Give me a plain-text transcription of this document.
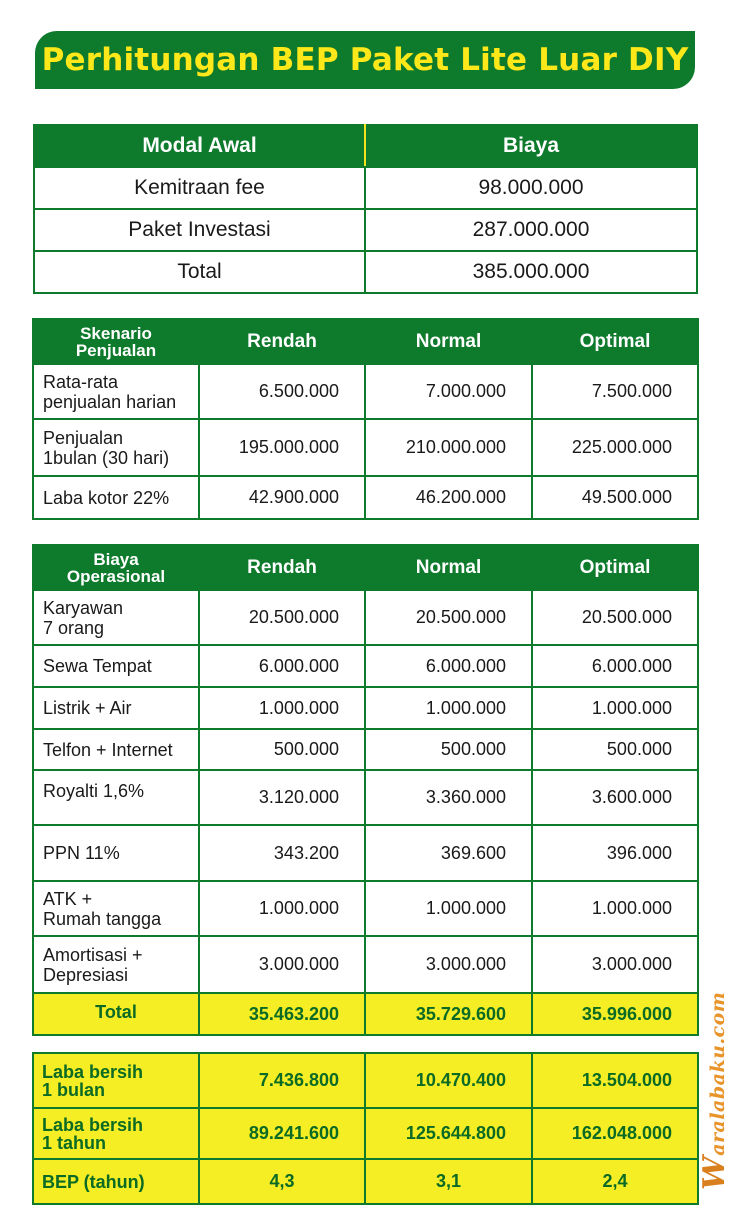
Perhitungan BEP Paket Lite Luar DIY
Modal Awal	Biaya
Kemitraan fee	98.000.000
Paket Investasi	287.000.000
Total	385.000.000
Skenario
Penjualan	Rendah	Normal	Optimal

Rata-rata
penjualan harian	6.500.000	7.000.000	7.500.000

Penjualan
1bulan (30 hari)	195.000.000	210.000.000	225.000.000
Laba kotor 22%	42.900.000	46.200.000	49.500.000
Biaya
Operasional	Rendah	Normal	Optimal

Karyawan
7 orang	20.500.000	20.500.000	20.500.000
Sewa Tempat	6.000.000	6.000.000	6.000.000
Listrik + Air	1.000.000	1.000.000	1.000.000
Telfon + Internet	500.000	500.000	500.000
Royalti 1,6%	3.120.000	3.360.000	3.600.000
PPN 11%	343.200	369.600	396.000

ATK +
Rumah tangga	1.000.000	1.000.000	1.000.000

Amortisasi +
Depresiasi	3.000.000	3.000.000	3.000.000
Total	35.463.200	35.729.600	35.996.000
Laba bersih
1 bulan	7.436.800	10.470.400	13.504.000

Laba bersih
1 tahun	89.241.600	125.644.800	162.048.000
BEP (tahun)	4,3	3,1	2,4 Waralabaku.com
